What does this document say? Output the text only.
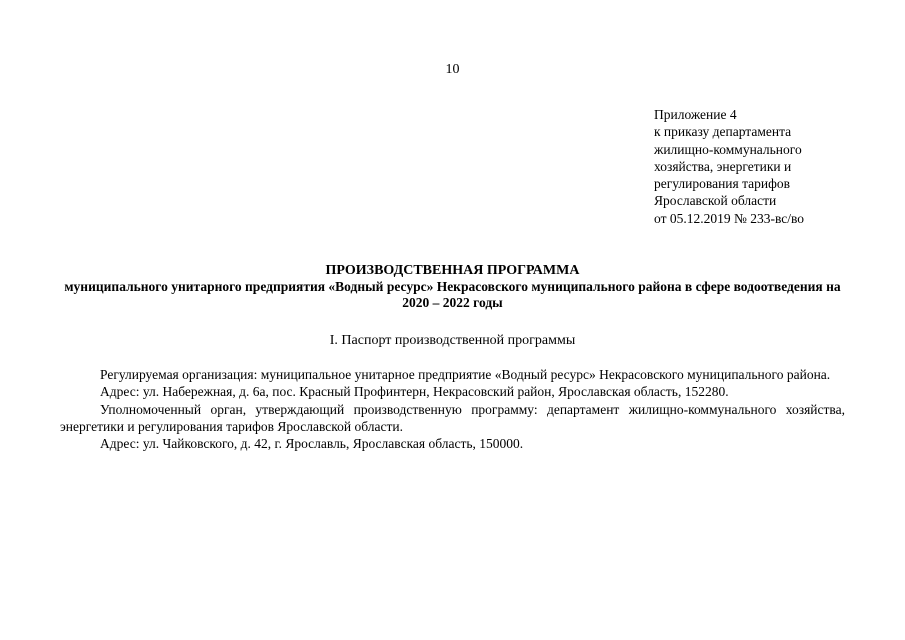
10
Приложение 4
к приказу департамента
жилищно-коммунального
хозяйства, энергетики и
регулирования тарифов
Ярославской области
от 05.12.2019 № 233-вс/во
ПРОИЗВОДСТВЕННАЯ ПРОГРАММА
муниципального унитарного предприятия «Водный ресурс» Некрасовского муниципального района в сфере водоотведения на 2020 – 2022 годы
I. Паспорт производственной программы

Регулируемая организация: муниципальное унитарное предприятие «Водный ресурс» Некрасовского муниципального района.

Адрес: ул. Набережная, д. 6а, пос. Красный Профинтерн, Некрасовский район, Ярославская область, 152280.

Уполномоченный орган, утверждающий производственную программу: департамент жилищно-коммунального хозяйства, энергетики и регулирования тарифов Ярославской области.

Адрес: ул. Чайковского, д. 42, г. Ярославль, Ярославская область, 150000.
